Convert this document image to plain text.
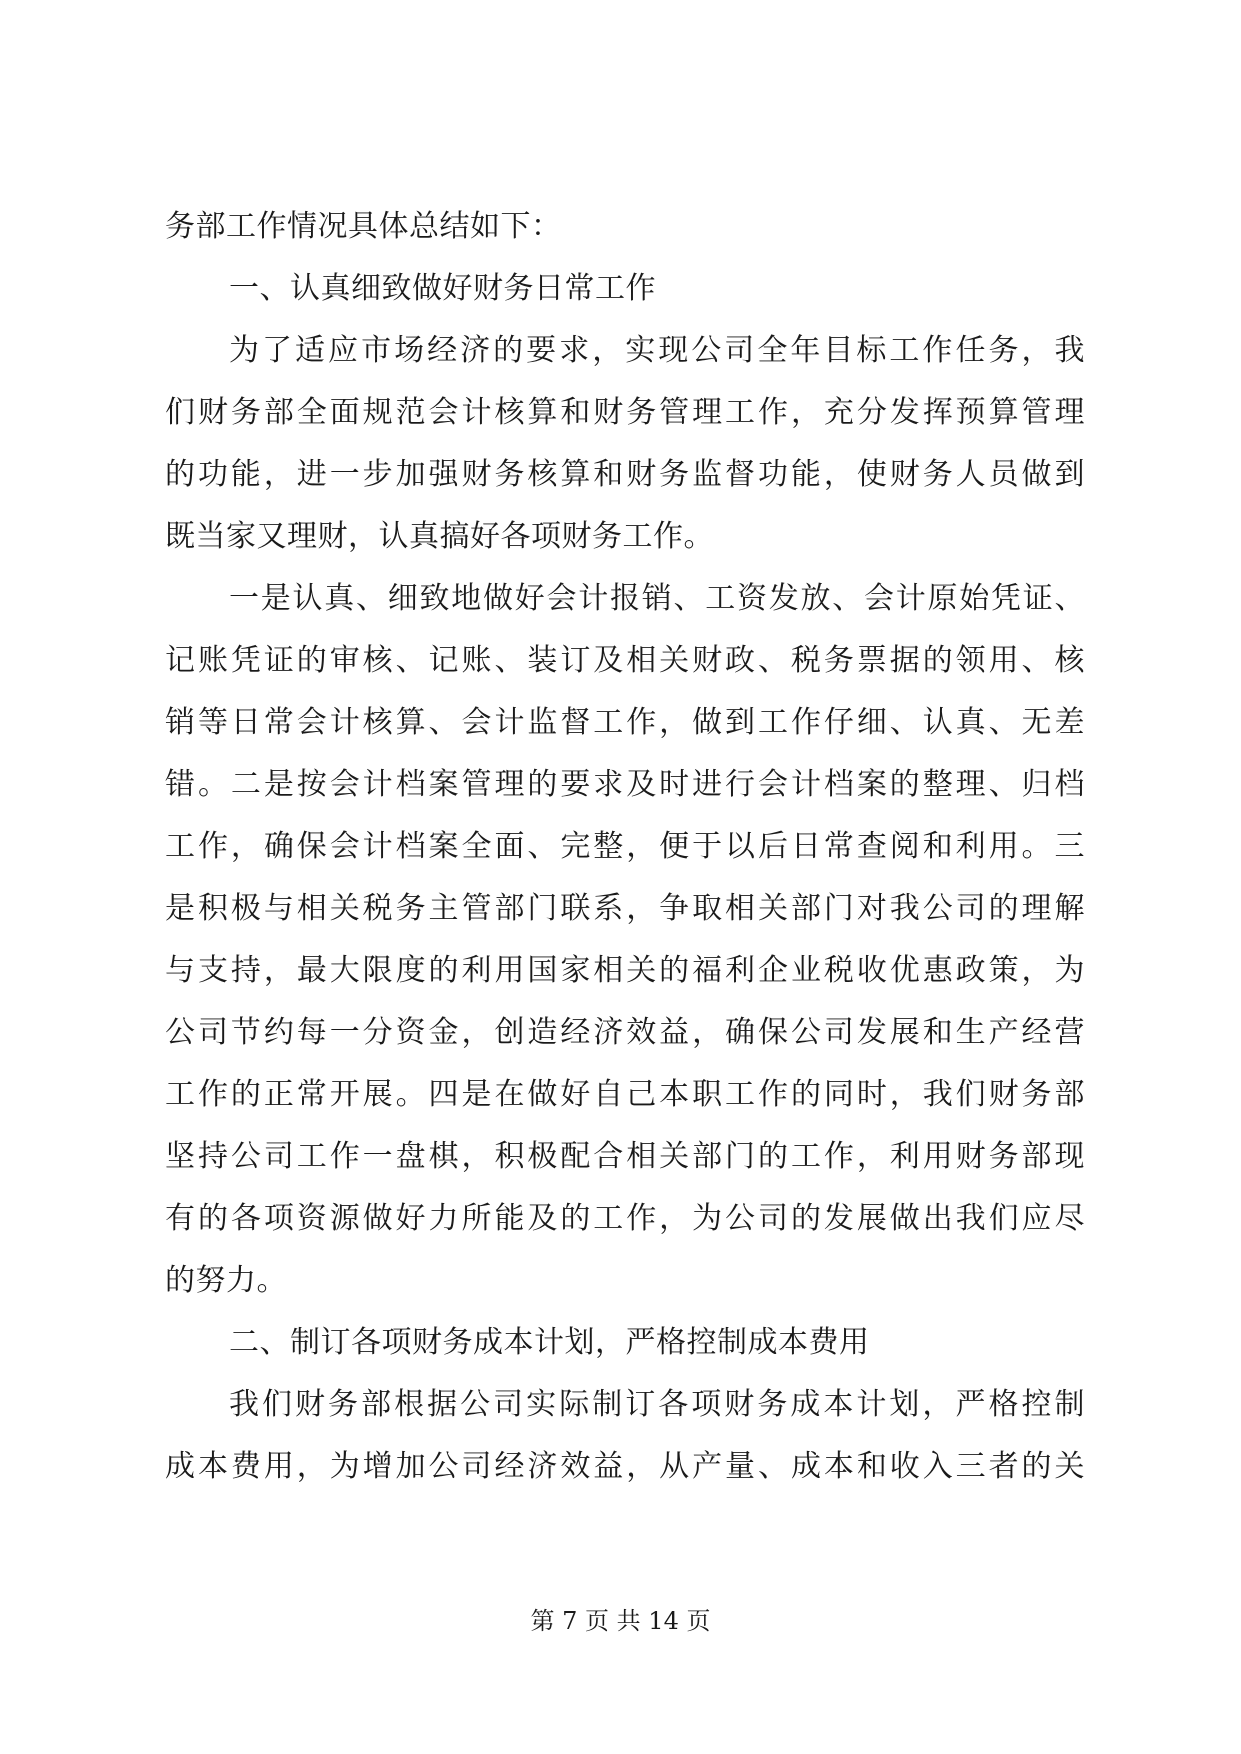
务部工作情况具体总结如下：
一、认真细致做好财务日常工作
为了适应市场经济的要求，实现公司全年目标工作任务，我
们财务部全面规范会计核算和财务管理工作，充分发挥预算管理
的功能，进一步加强财务核算和财务监督功能，使财务人员做到
既当家又理财，认真搞好各项财务工作。
一是认真、细致地做好会计报销、工资发放、会计原始凭证、
记账凭证的审核、记账、装订及相关财政、税务票据的领用、核
销等日常会计核算、会计监督工作，做到工作仔细、认真、无差
错。二是按会计档案管理的要求及时进行会计档案的整理、归档
工作，确保会计档案全面、完整，便于以后日常查阅和利用。三
是积极与相关税务主管部门联系，争取相关部门对我公司的理解
与支持，最大限度的利用国家相关的福利企业税收优惠政策，为
公司节约每一分资金，创造经济效益，确保公司发展和生产经营
工作的正常开展。四是在做好自己本职工作的同时，我们财务部
坚持公司工作一盘棋，积极配合相关部门的工作，利用财务部现
有的各项资源做好力所能及的工作，为公司的发展做出我们应尽
的努力。
二、制订各项财务成本计划，严格控制成本费用
我们财务部根据公司实际制订各项财务成本计划，严格控制
成本费用，为增加公司经济效益，从产量、成本和收入三者的关
第 7 页 共 14 页
